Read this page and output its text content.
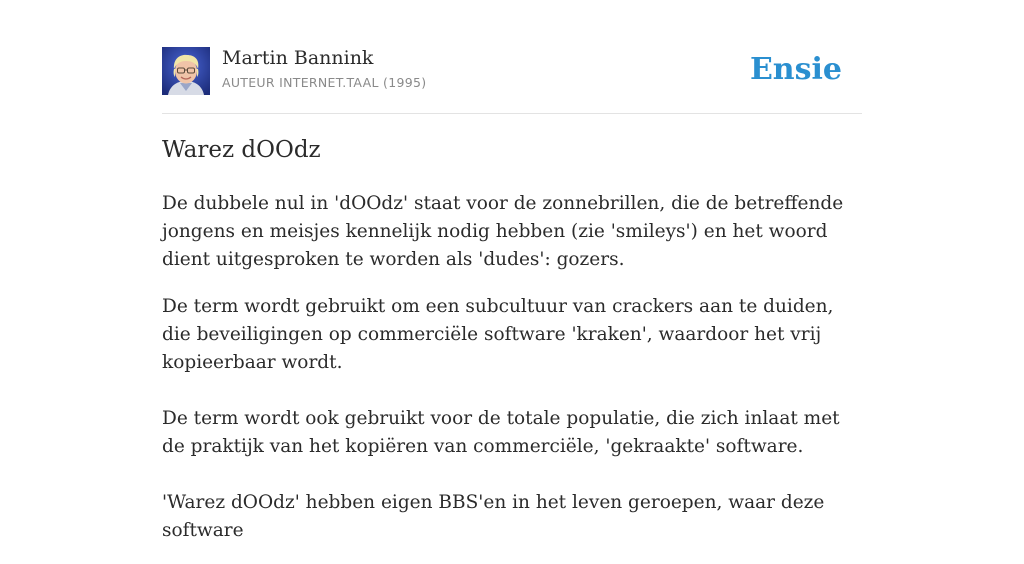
Martin Bannink
AUTEUR INTERNET.TAAL (1995)	Ensie
Warez dOOdz

De dubbele nul in 'dOOdz' staat voor de zonnebrillen, die de betreffende jongens en meisjes kennelijk nodig hebben (zie 'smileys') en het woord dient uitgesproken te worden als 'dudes': gozers.

De term wordt gebruikt om een subcultuur van crackers aan te duiden, die beveiligingen op commerciële software 'kraken', waardoor het vrij kopieerbaar wordt.

De term wordt ook gebruikt voor de totale populatie, die zich inlaat met de praktijk van het kopiëren van commerciële, 'gekraakte' software.

'Warez dOOdz' hebben eigen BBS'en in het leven geroepen, waar deze software
